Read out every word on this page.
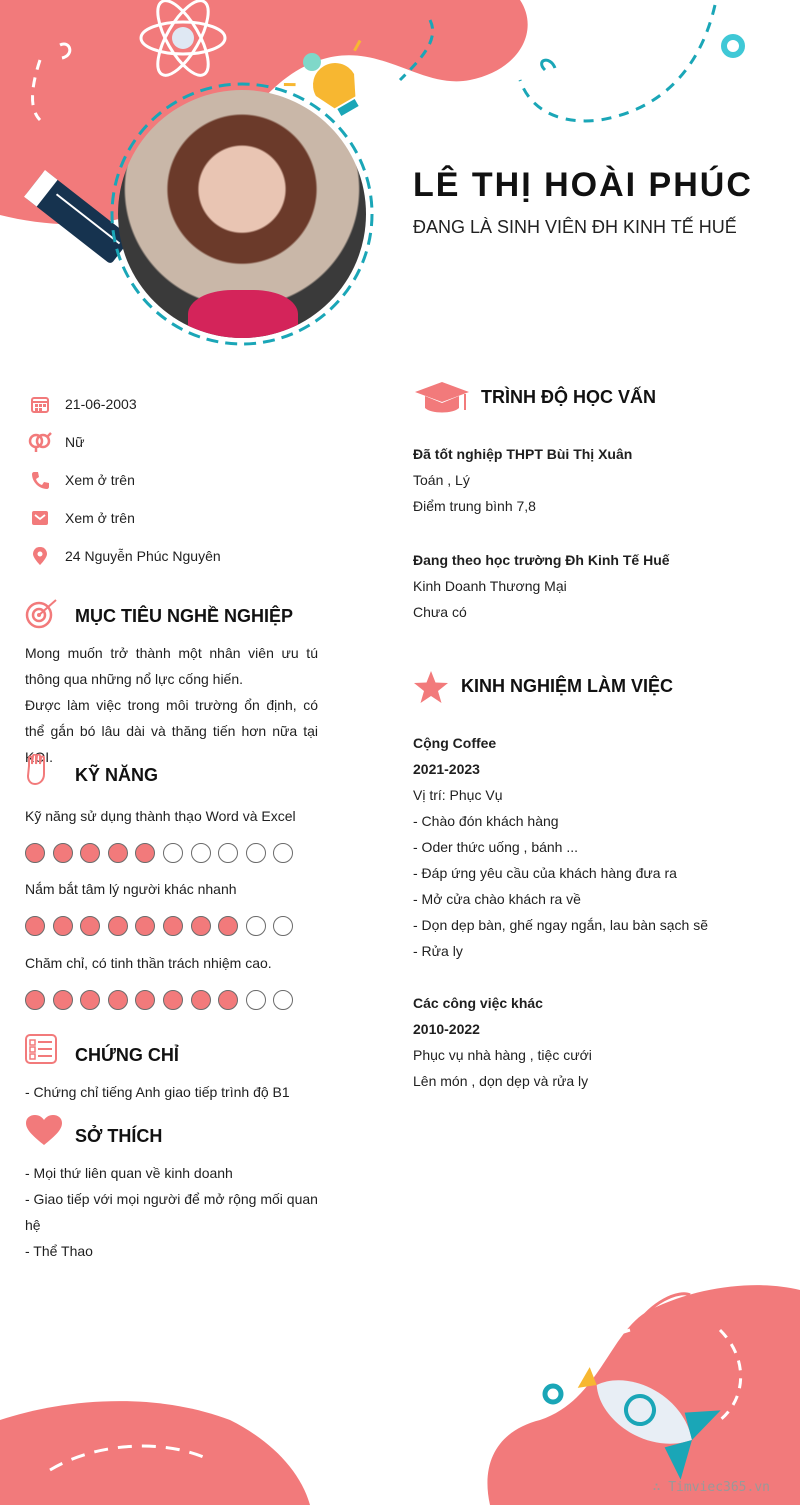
LÊ THỊ HOÀI PHÚC
ĐANG LÀ SINH VIÊN ĐH KINH TẾ HUẾ
21-06-2003
Nữ
Xem ở trên
Xem ở trên
24 Nguyễn Phúc Nguyên
MỤC TIÊU NGHỀ NGHIỆP
Mong muốn trở thành một nhân viên ưu tú thông qua những nổ lực cống hiến.
Được làm việc trong môi trường ổn định, có thể gắn bó lâu dài và thăng tiến hơn nữa tại KOI.
KỸ NĂNG
Kỹ năng sử dụng thành thạo Word và Excel
Nắm bắt tâm lý người khác nhanh
Chăm chỉ, có tinh thần trách nhiệm cao.
CHỨNG CHỈ
- Chứng chỉ tiếng Anh giao tiếp trình độ B1
SỞ THÍCH
- Mọi thứ liên quan về kinh doanh
- Giao tiếp với mọi người để mở rộng mối quan hệ
- Thể Thao
TRÌNH ĐỘ HỌC VẤN
Đã tốt nghiệp THPT Bùi Thị Xuân
Toán , Lý
Điểm trung bình 7,8
Đang theo học trường Đh Kinh Tế Huế
Kinh Doanh Thương Mại
Chưa có
KINH NGHIỆM LÀM VIỆC
Cộng Coffee
2021-2023
Vị trí: Phục Vụ
- Chào đón khách hàng
- Oder thức uống , bánh ...
- Đáp ứng yêu cầu của khách hàng đưa ra
- Mở cửa chào khách ra về
- Dọn dẹp bàn, ghế ngay ngắn, lau bàn sạch sẽ
- Rửa ly
Các công việc khác
2010-2022
Phục vụ nhà hàng , tiệc cưới
Lên món , dọn dẹp và rửa ly
∴ Timviec365.vn
